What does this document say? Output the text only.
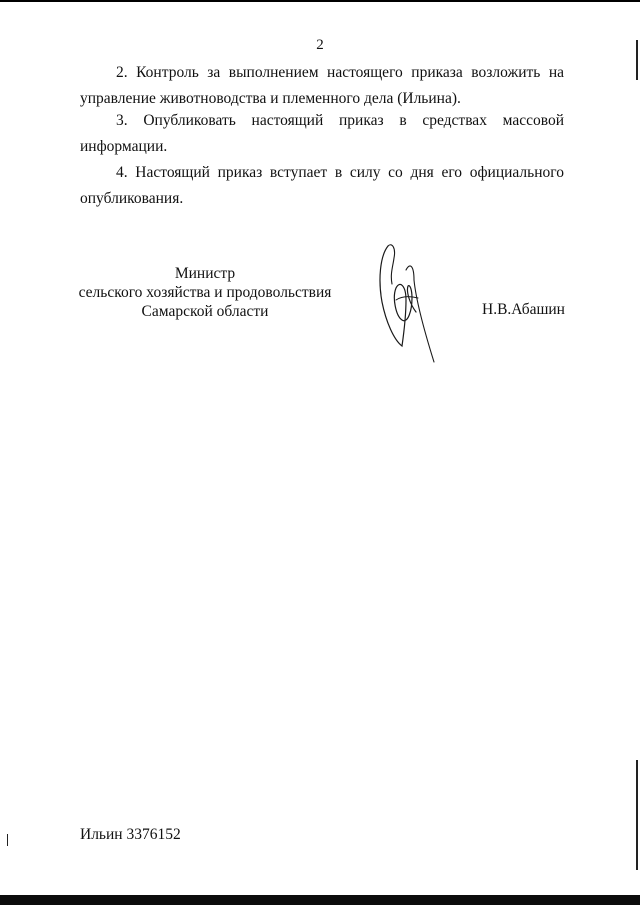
2

2. Контроль за выполнением настоящего приказа возложить на управление животноводства и племенного дела (Ильина).

3. Опубликовать настоящий приказ в средствах массовой информации.

4. Настоящий приказ вступает в силу со дня его официального опубликования.

Министр
сельского хозяйства и продовольствия
Самарской области	Н.В.Абашин
Ильин 3376152
